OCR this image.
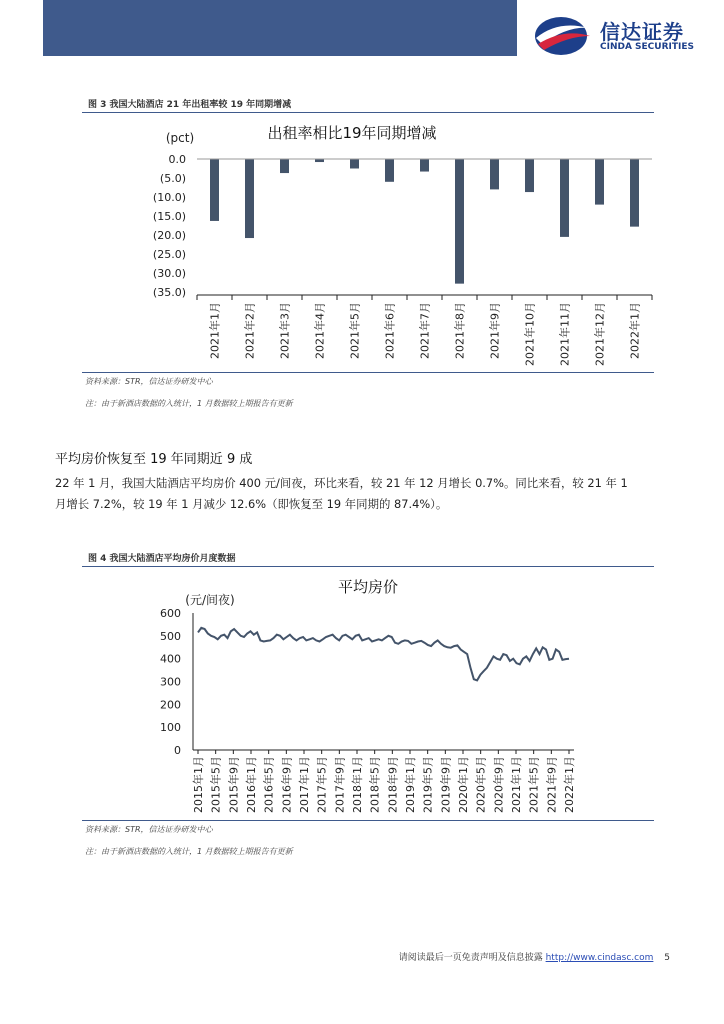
信达证券
CINDA SECURITIES
图 3 我国大陆酒店 21 年出租率较 19 年同期增减
出租率相比19年同期增减
(pct)
0.0
(5.0)
(10.0)
(15.0)
(20.0)
(25.0)
(30.0)
(35.0)
2021年1月 2021年2月 2021年3月 2021年4月 2021年5月 2021年6月 2021年7月 2021年8月 2021年9月 2021年10月 2021年11月 2021年12月 2022年1月
资料来源：STR，信达证券研发中心
注：由于新酒店数据的入统计，1 月数据较上期报告有更新
平均房价恢复至 19 年同期近 9 成
22 年 1 月，我国大陆酒店平均房价 400 元/间夜，环比来看，较 21 年 12 月增长 0.7%。同比来看，较 21 年 1
月增长 7.2%，较 19 年 1 月减少 12.6%（即恢复至 19 年同期的 87.4%）。
图 4 我国大陆酒店平均房价月度数据
平均房价
(元/间夜)
0
100
200
300
400
500
600
2015年1月 2015年5月 2015年9月 2016年1月 2016年5月 2016年9月 2017年1月 2017年5月 2017年9月 2018年1月 2018年5月 2018年9月 2019年1月 2019年5月 2019年9月 2020年1月 2020年5月 2020年9月 2021年1月 2021年5月 2021年9月 2022年1月
资料来源：STR，信达证券研发中心
注：由于新酒店数据的入统计，1 月数据较上期报告有更新
请阅读最后一页免责声明及信息披露 http://www.cindasc.com 5
